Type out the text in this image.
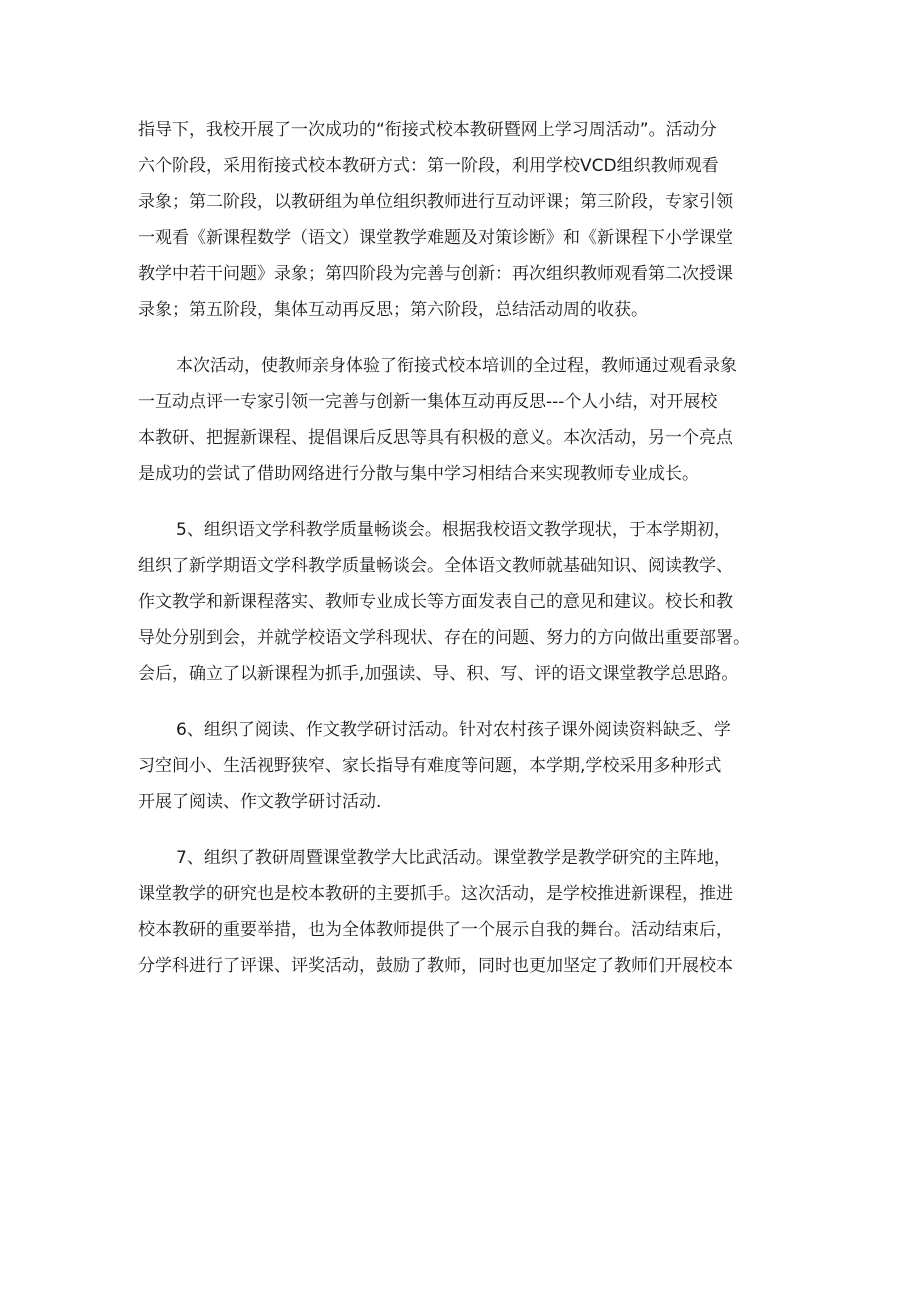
指导下，我校开展了一次成功的“衔接式校本教研暨网上学习周活动”。活动分
六个阶段，采用衔接式校本教研方式：第一阶段，利用学校VCD组织教师观看
录象；第二阶段，以教研组为单位组织教师进行互动评课；第三阶段，专家引领
一观看《新课程数学（语文）课堂教学难题及对策诊断》和《新课程下小学课堂
教学中若干问题》录象；第四阶段为完善与创新：再次组织教师观看第二次授课
录象；第五阶段，集体互动再反思；第六阶段，总结活动周的收获。
本次活动，使教师亲身体验了衔接式校本培训的全过程，教师通过观看录象
一互动点评一专家引领一完善与创新一集体互动再反思---个人小结，对开展校
本教研、把握新课程、提倡课后反思等具有积极的意义。本次活动，另一个亮点
是成功的尝试了借助网络进行分散与集中学习相结合来实现教师专业成长。
5、组织语文学科教学质量畅谈会。根据我校语文教学现状，于本学期初，
组织了新学期语文学科教学质量畅谈会。全体语文教师就基础知识、阅读教学、
作文教学和新课程落实、教师专业成长等方面发表自己的意见和建议。校长和教
导处分别到会，并就学校语文学科现状、存在的问题、努力的方向做出重要部署。
会后，确立了以新课程为抓手,加强读、导、积、写、评的语文课堂教学总思路。
6、组织了阅读、作文教学研讨活动。针对农村孩子课外阅读资料缺乏、学
习空间小、生活视野狭窄、家长指导有难度等问题，本学期,学校采用多种形式
开展了阅读、作文教学研讨活动.
7、组织了教研周暨课堂教学大比武活动。课堂教学是教学研究的主阵地，
课堂教学的研究也是校本教研的主要抓手。这次活动，是学校推进新课程，推进
校本教研的重要举措，也为全体教师提供了一个展示自我的舞台。活动结束后，
分学科进行了评课、评奖活动，鼓励了教师，同时也更加坚定了教师们开展校本
